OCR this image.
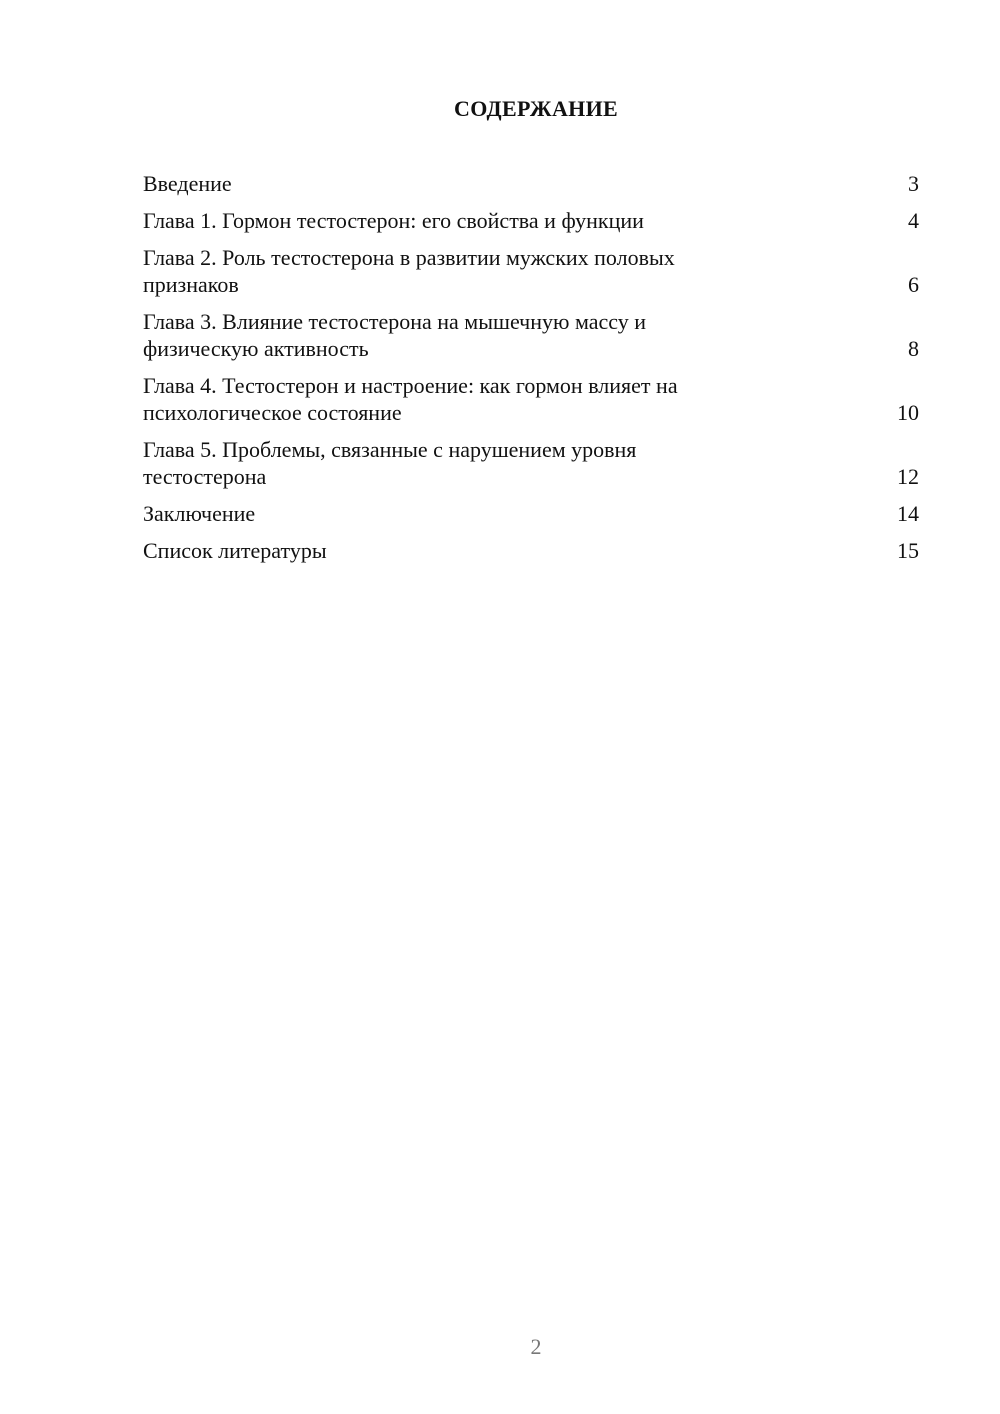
СОДЕРЖАНИЕ
Введение	3
Глава 1. Гормон тестостерон: его свойства и функции	4
Глава 2. Роль тестостерона в развитии мужских половых
признаков	6
Глава 3. Влияние тестостерона на мышечную массу и
физическую активность	8
Глава 4. Тестостерон и настроение: как гормон влияет на
психологическое состояние	10
Глава 5. Проблемы, связанные с нарушением уровня
тестостерона	12
Заключение	14
Список литературы	15
2
